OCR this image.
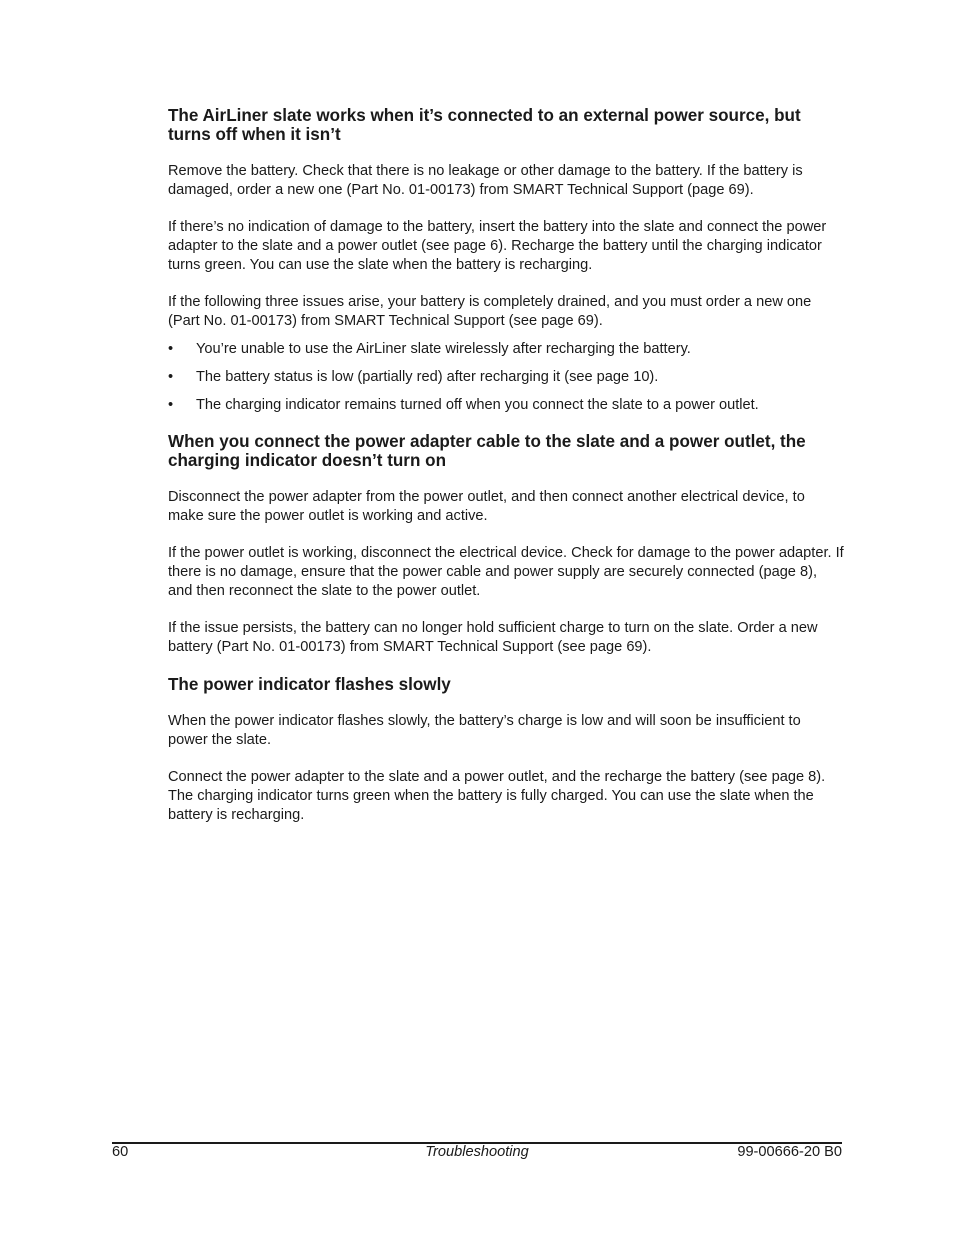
The AirLiner slate works when it’s connected to an external power source, but turns off when it isn’t

Remove the battery. Check that there is no leakage or other damage to the battery. If the battery is damaged, order a new one (Part No. 01-00173) from SMART Technical Support (page 69).

If there’s no indication of damage to the battery, insert the battery into the slate and connect the power adapter to the slate and a power outlet (see page 6). Recharge the battery until the charging indicator turns green. You can use the slate when the battery is recharging.

If the following three issues arise, your battery is completely drained, and you must order a new one (Part No. 01-00173) from SMART Technical Support (see page 69).

• You’re unable to use the AirLiner slate wirelessly after recharging the battery.
• The battery status is low (partially red) after recharging it (see page 10).
• The charging indicator remains turned off when you connect the slate to a power outlet.
When you connect the power adapter cable to the slate and a power outlet, the charging indicator doesn’t turn on

Disconnect the power adapter from the power outlet, and then connect another electrical device, to make sure the power outlet is working and active.

If the power outlet is working, disconnect the electrical device. Check for damage to the power adapter. If there is no damage, ensure that the power cable and power supply are securely connected (page 8), and then reconnect the slate to the power outlet.

If the issue persists, the battery can no longer hold sufficient charge to turn on the slate. Order a new battery (Part No. 01-00173) from SMART Technical Support (see page 69).

The power indicator flashes slowly

When the power indicator flashes slowly, the battery’s charge is low and will soon be insufficient to power the slate.

Connect the power adapter to the slate and a power outlet, and the recharge the battery (see page 8). The charging indicator turns green when the battery is fully charged. You can use the slate when the battery is recharging.

60	Troubleshooting	99-00666-20 B0
